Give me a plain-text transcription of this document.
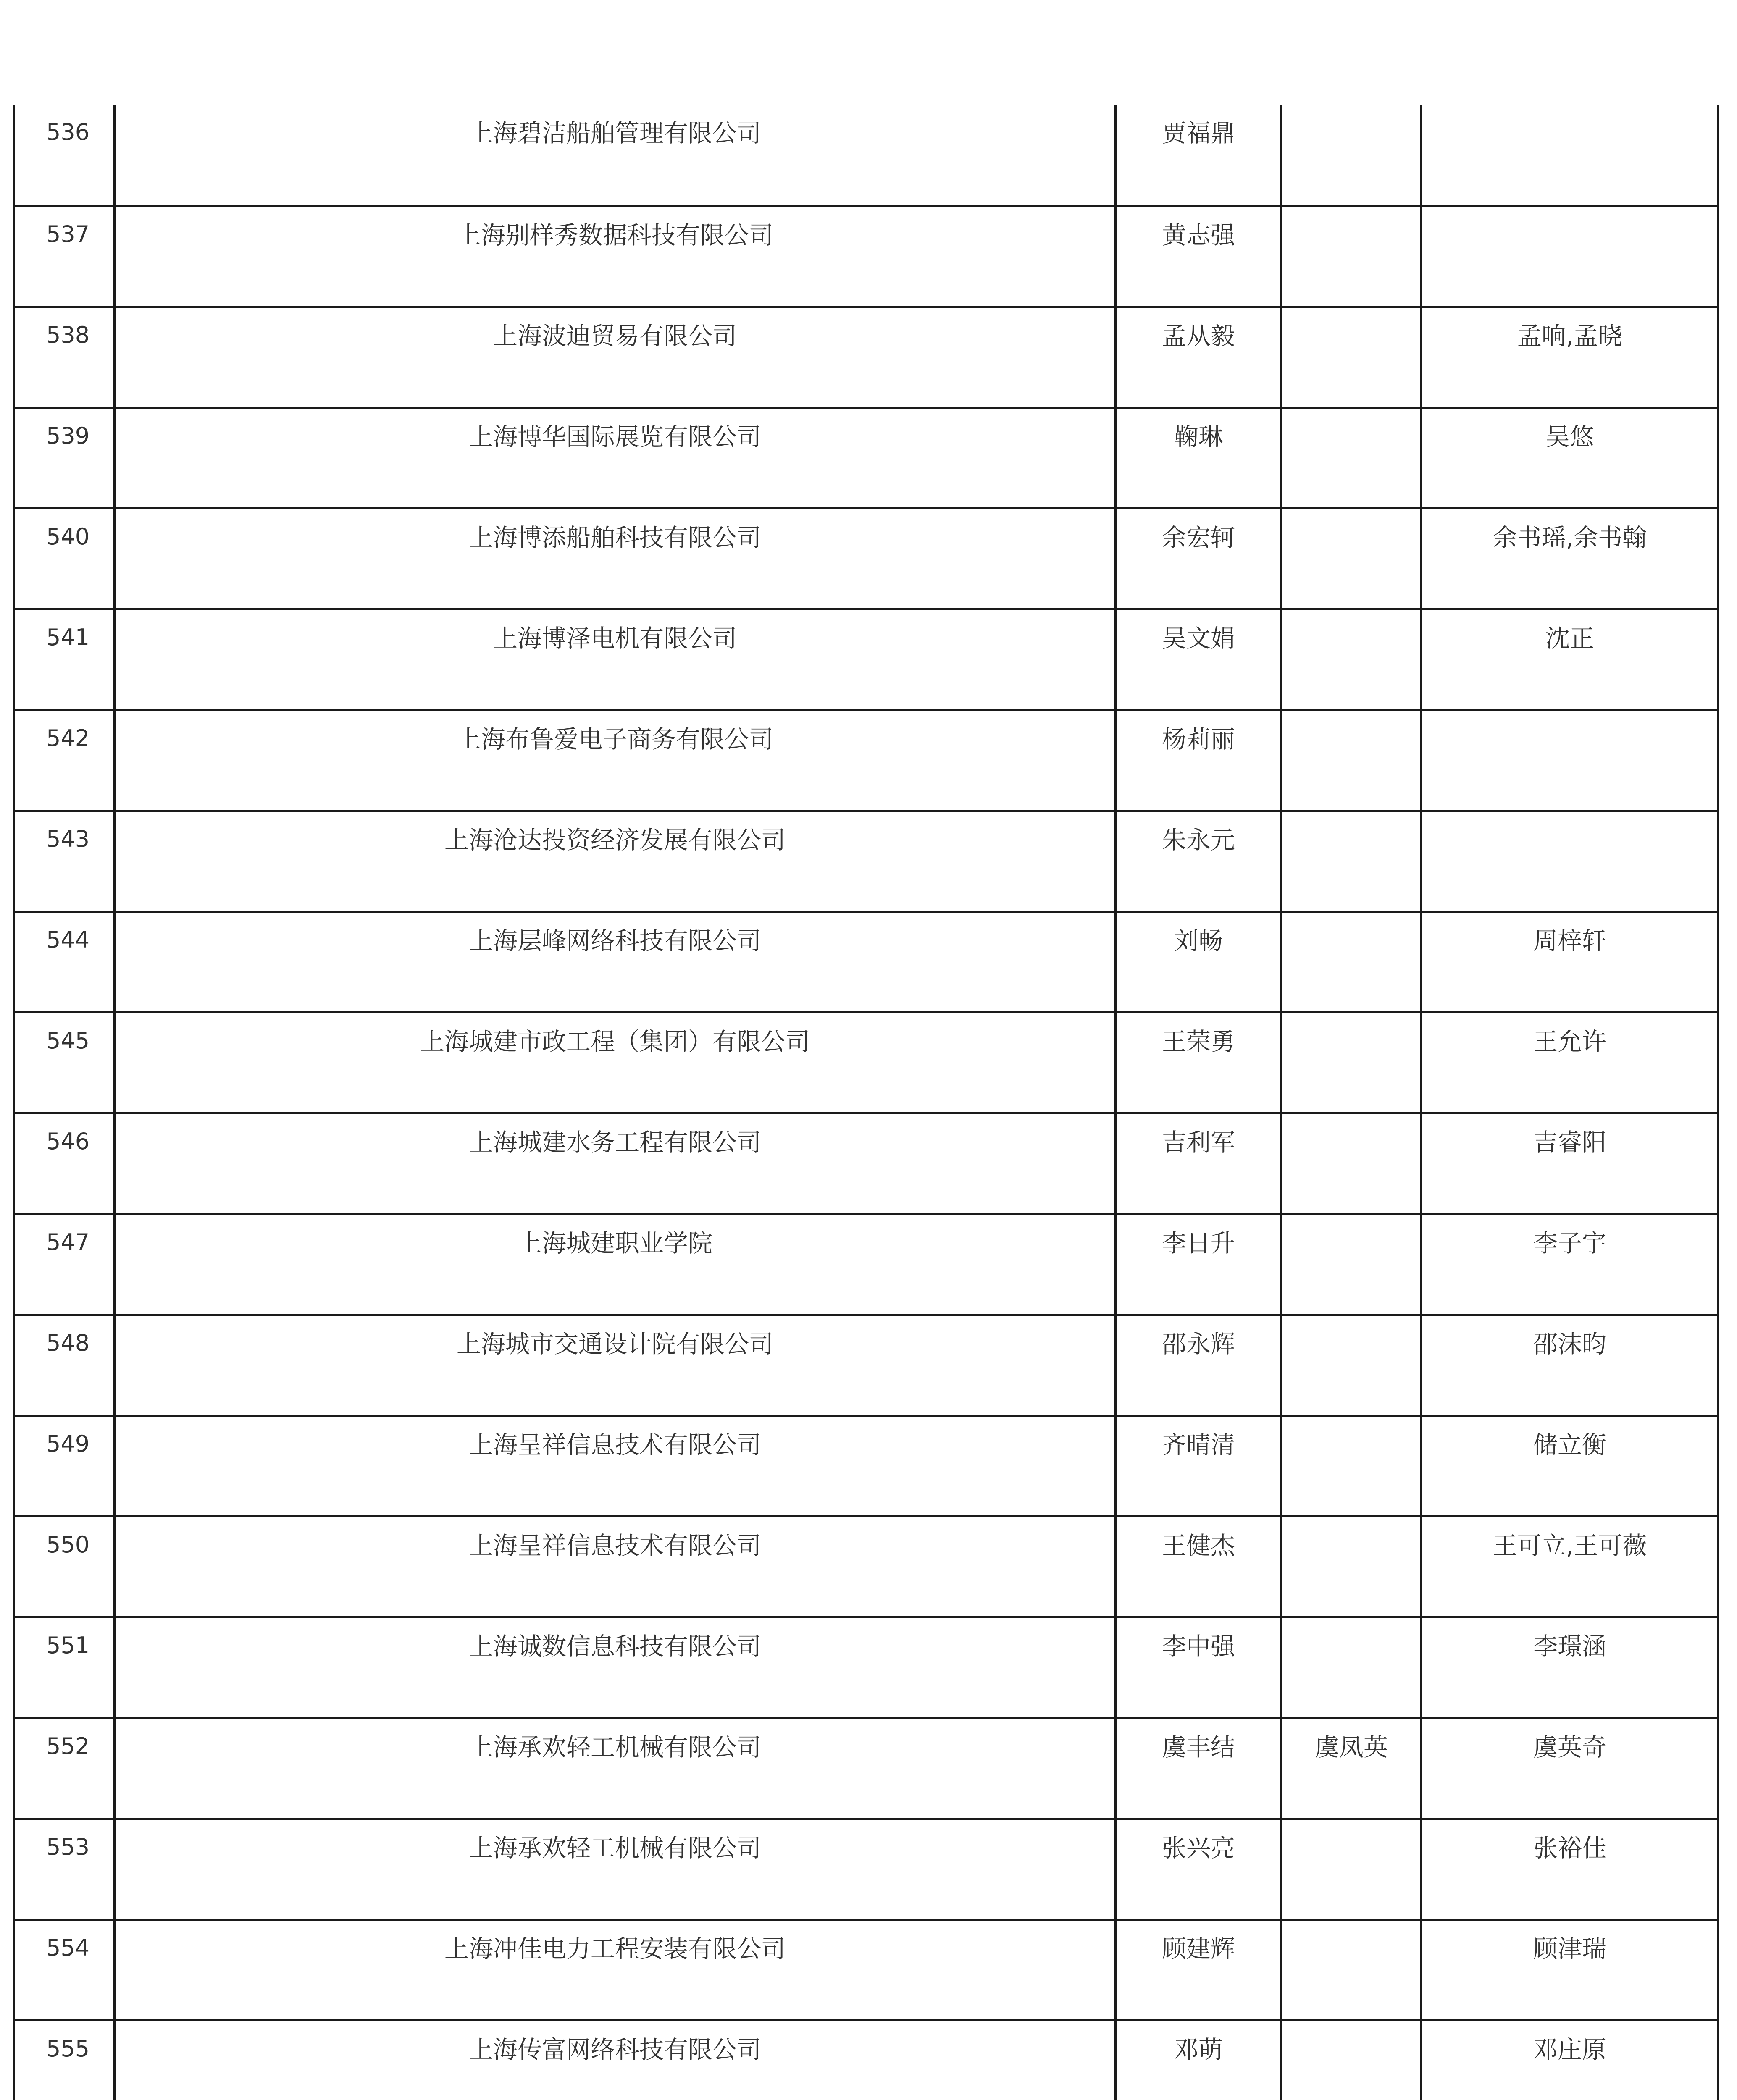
536	上海碧洁船舶管理有限公司	贾福鼎		

537	上海别样秀数据科技有限公司	黄志强		

538	上海波迪贸易有限公司	孟从毅		孟响,孟晓

539	上海博华国际展览有限公司	鞠琳		吴悠

540	上海博添船舶科技有限公司	余宏轲		余书瑶,余书翰

541	上海博泽电机有限公司	吴文娟		沈正

542	上海布鲁爱电子商务有限公司	杨莉丽		

543	上海沧达投资经济发展有限公司	朱永元		

544	上海层峰网络科技有限公司	刘畅		周梓轩

545	上海城建市政工程（集团）有限公司	王荣勇		王允许

546	上海城建水务工程有限公司	吉利军		吉睿阳

547	上海城建职业学院	李日升		李子宇

548	上海城市交通设计院有限公司	邵永辉		邵沫昀

549	上海呈祥信息技术有限公司	齐晴清		储立衡

550	上海呈祥信息技术有限公司	王健杰		王可立,王可薇

551	上海诚数信息科技有限公司	李中强		李璟涵

552	上海承欢轻工机械有限公司	虞丰结	虞凤英	虞英奇

553	上海承欢轻工机械有限公司	张兴亮		张裕佳

554	上海冲佳电力工程安装有限公司	顾建辉		顾津瑞

555	上海传富网络科技有限公司	邓萌		邓庄原
